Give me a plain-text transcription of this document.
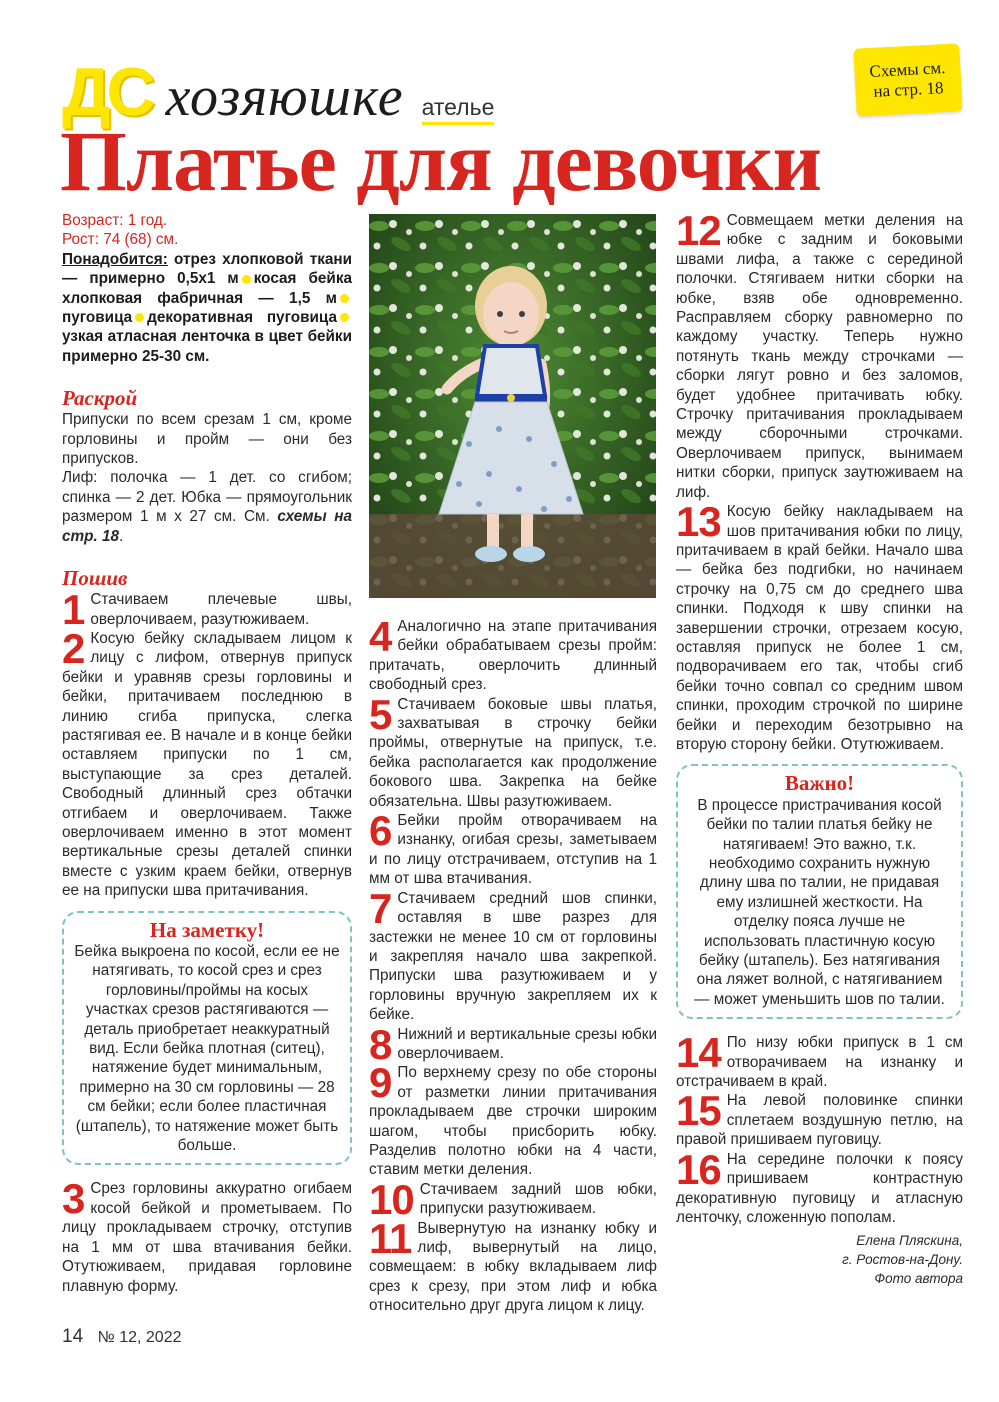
ДС хозяюшке ателье
Схемы см.
на стр. 18
Платье для девочки

Возраст: 1 год.

Рост: 74 (68) см.

Понадобится: отрез хлопковой ткани — примерно 0,5х1 м косая бейка хлопковая фабричная — 1,5 мпуговица декоративная пуговицаузкая атласная ленточка в цвет бейки примерно 25-30 см.

Раскрой

Припуски по всем срезам 1 см, кроме горловины и пройм — они без припусков.

Лиф: полочка — 1 дет. со сгибом; спинка — 2 дет. Юбка — прямоугольник размером 1 м х 27 см. См. схемы на стр. 18.

Пошив

1 Стачиваем плечевые швы, оверлочиваем, разутюживаем.

2 Косую бейку складываем лицом к лицу с лифом, отвернув припуск бейки и уравняв срезы горловины и бейки, притачиваем последнюю в линию сгиба припуска, слегка растягивая ее. В начале и в конце бейки оставляем припуски по 1 см, выступающие за срез деталей. Свободный длинный срез обтачки отгибаем и оверлочиваем. Также оверлочиваем именно в этот момент вертикальные срезы деталей спинки вместе с узким краем бейки, отвернув ее на припуски шва притачивания.

На заметку!

Бейка выкроена по косой, если ее не натягивать, то косой срез и срез горловины/проймы на косых участках срезов растягиваются — деталь приобретает неаккуратный вид. Если бейка плотная (ситец), натяжение будет минимальным, примерно на 30 см горловины — 28 см бейки; если более пластичная (штапель), то натяжение может быть больше.

3 Срез горловины аккуратно огибаем косой бейкой и прометываем. По лицу прокладываем строчку, отступив на 1 мм от шва втачивания бейки. Отутюживаем, придавая горловине плавную форму.

4 Аналогично на этапе притачивания бейки обрабатываем срезы пройм: притачать, оверлочить длинный свободный срез.

5 Стачиваем боковые швы платья, захватывая в строчку бейки проймы, отвернутые на припуск, т.е. бейка располагается как продолжение бокового шва. Закрепка на бейке обязательна. Швы разутюживаем.

6 Бейки пройм отворачиваем на изнанку, огибая срезы, заметываем и по лицу отстрачиваем, отступив на 1 мм от шва втачивания.

7 Стачиваем средний шов спинки, оставляя в шве разрез для застежки не менее 10 см от горловины и закрепляя начало шва закрепкой. Припуски шва разутюживаем и у горловины вручную закрепляем их к бейке.

8 Нижний и вертикальные срезы юбки оверлочиваем.

9 По верхнему срезу по обе стороны от разметки линии притачивания прокладываем две строчки широким шагом, чтобы присборить юбку. Разделив полотно юбки на 4 части, ставим метки деления.

10 Стачиваем задний шов юбки, припуски разутюживаем.

11 Вывернутую на изнанку юбку и лиф, вывернутый на лицо, совмещаем: в юбку вкладываем лиф срез к срезу, при этом лиф и юбка относительно друг друга лицом к лицу.

12 Совмещаем метки деления на юбке с задним и боковыми швами лифа, а также с серединой полочки. Стягиваем нитки сборки на юбке, взяв обе одновременно. Расправляем сборку равномерно по каждому участку. Теперь нужно потянуть ткань между строчками — сборки лягут ровно и без заломов, будет удобнее притачивать юбку. Строчку притачивания прокладываем между сборочными строчками. Оверлочиваем припуск, вынимаем нитки сборки, припуск заутюживаем на лиф.

13 Косую бейку накладываем на шов притачивания юбки по лицу, притачиваем в край бейки. Начало шва — бейка без подгибки, но начинаем строчку на 0,75 см до среднего шва спинки. Подходя к шву спинки на завершении строчки, отрезаем косую, оставляя припуск не более 1 см, подворачиваем его так, чтобы сгиб бейки точно совпал со средним швом спинки, проходим строчкой по ширине бейки и переходим безотрывно на вторую сторону бейки. Отутюживаем.

Важно!

В процессе пристрачивания косой бейки по талии платья бейку не натягиваем! Это важно, т.к. необходимо сохранить нужную длину шва по талии, не придавая ему излишней жесткости. На отделку пояса лучше не использовать пластичную косую бейку (штапель). Без натягивания она ляжет волной, с натягиванием — может уменьшить шов по талии.

14 По низу юбки припуск в 1 см отворачиваем на изнанку и отстрачиваем в край.

15 На левой половинке спинки сплетаем воздушную петлю, на правой пришиваем пуговицу.

16 На середине полочки к поясу пришиваем контрастную декоративную пуговицу и атласную ленточку, сложенную пополам.

Елена Пляскина,
г. Ростов-на-Дону.
Фото автора
14 № 12, 2022
